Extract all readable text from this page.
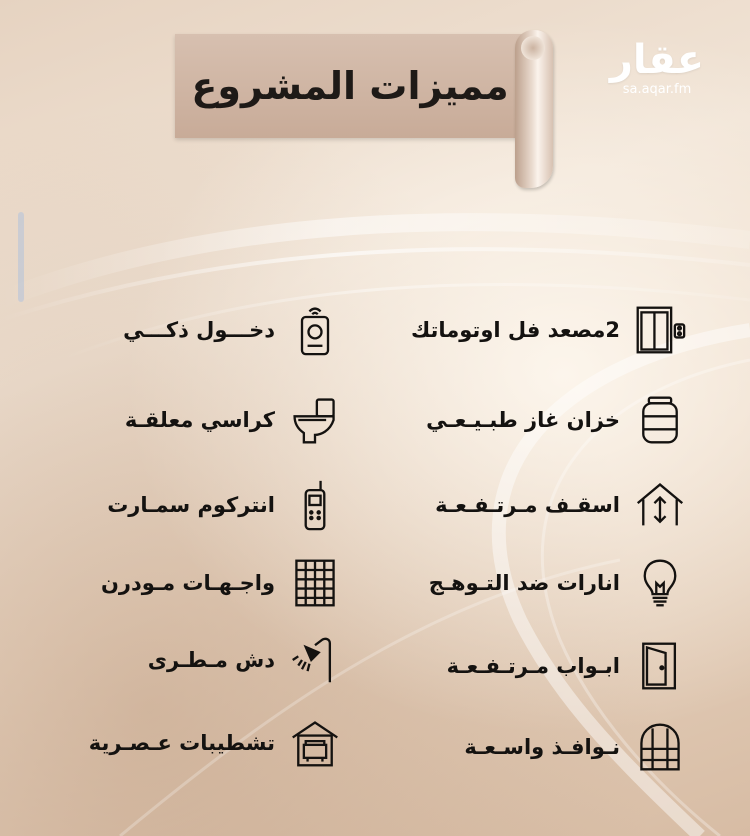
مميزات المشروع
عقار
sa.aqar.fm
2مصعد فل اوتوماتك
خزان غاز طبـيـعـي
اسقـف مـرتـفـعـة
انارات ضد التـوهـج
ابـواب مـرتـفـعـة
نـوافـذ واسـعـة
دخـــول ذكـــي
كراسي معلقـة
انتركوم سمـارت
واجـهـات مـودرن
دش مـطـرى
تشطيبات عـصـرية
